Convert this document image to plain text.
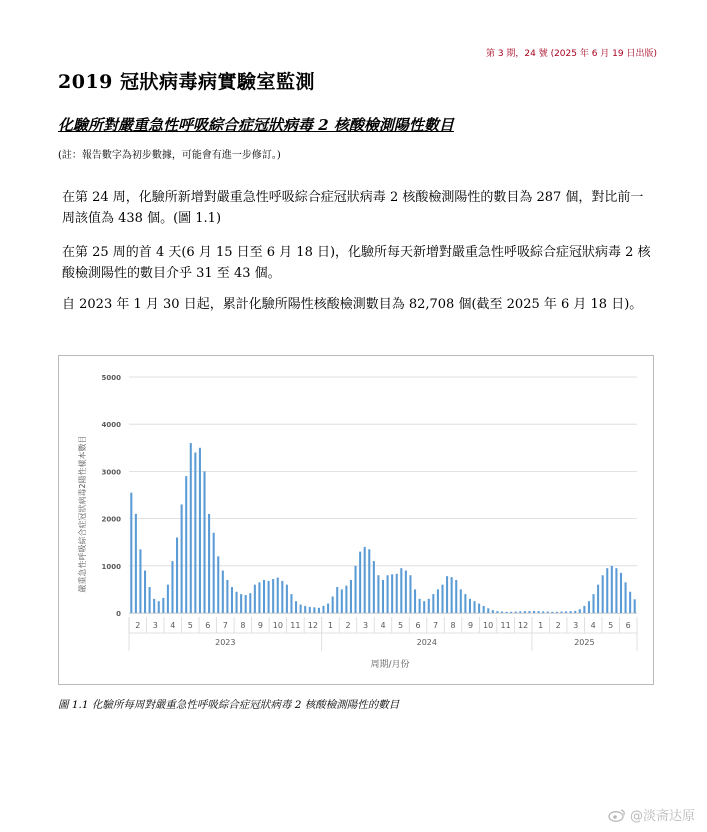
第 3 期，24 號 (2025 年 6 月 19 日出版)
2019 冠狀病毒病實驗室監測
化驗所對嚴重急性呼吸綜合症冠狀病毒 2 核酸檢測陽性數目
(註：報告數字為初步數據，可能會有進一步修訂。)

在第 24 周，化驗所新增對嚴重急性呼吸綜合症冠狀病毒 2 核酸檢測陽性的數目為 287 個，對比前一周該值為 438 個。(圖 1.1)

在第 25 周的首 4 天(6 月 15 日至 6 月 18 日)，化驗所每天新增對嚴重急性呼吸綜合症冠狀病毒 2 核酸檢測陽性的數目介乎 31 至 43 個。

自 2023 年 1 月 30 日起，累計化驗所陽性核酸檢測數目為 82,708 個(截至 2025 年 6 月 18 日)。

0
1000
2000
3000
4000
5000
2 3 4 5 6 7 8 9 10 11 12
2023
1 2 3 4 5 6 7 8 9 10 11 12
2024
1 2 3 4 5 6
2025
嚴重急性呼吸綜合症冠狀病毒2陽性樣本數目
周期/月份
圖 1.1 化驗所每周對嚴重急性呼吸綜合症冠狀病毒 2 核酸檢測陽性的數目
@淡斋达原
